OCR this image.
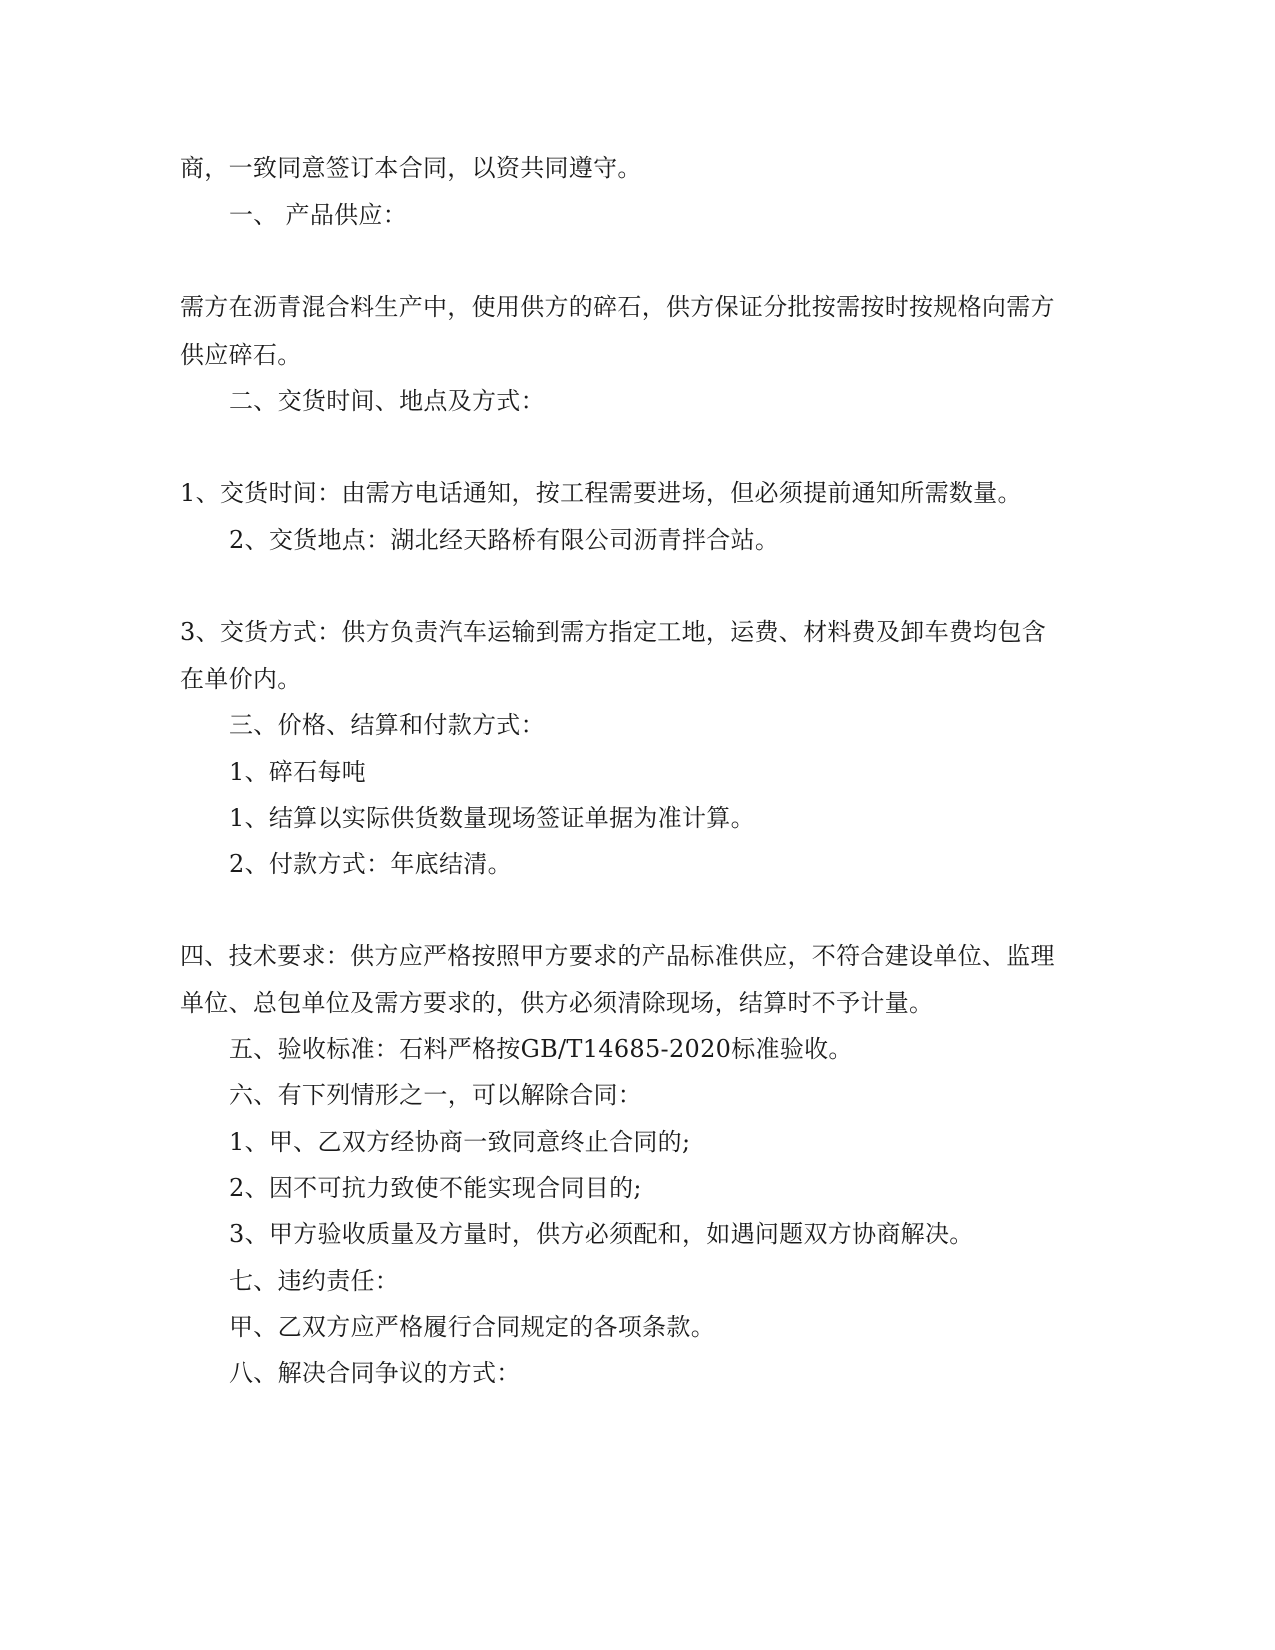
商，一致同意签订本合同，以资共同遵守。
一、 产品供应：
需方在沥青混合料生产中，使用供方的碎石，供方保证分批按需按时按规格向需方
供应碎石。
二、交货时间、地点及方式：
1、交货时间：由需方电话通知，按工程需要进场，但必须提前通知所需数量。
2、交货地点：湖北经天路桥有限公司沥青拌合站。
3、交货方式：供方负责汽车运输到需方指定工地，运费、材料费及卸车费均包含
在单价内。
三、价格、结算和付款方式：
1、碎石每吨
1、结算以实际供货数量现场签证单据为准计算。
2、付款方式：年底结清。
四、技术要求：供方应严格按照甲方要求的产品标准供应，不符合建设单位、监理
单位、总包单位及需方要求的，供方必须清除现场，结算时不予计量。
五、验收标准：石料严格按GB/T14685-2020标准验收。
六、有下列情形之一，可以解除合同：
1、甲、乙双方经协商一致同意终止合同的;
2、因不可抗力致使不能实现合同目的;
3、甲方验收质量及方量时，供方必须配和，如遇问题双方协商解决。
七、违约责任：
甲、乙双方应严格履行合同规定的各项条款。
八、解决合同争议的方式：
